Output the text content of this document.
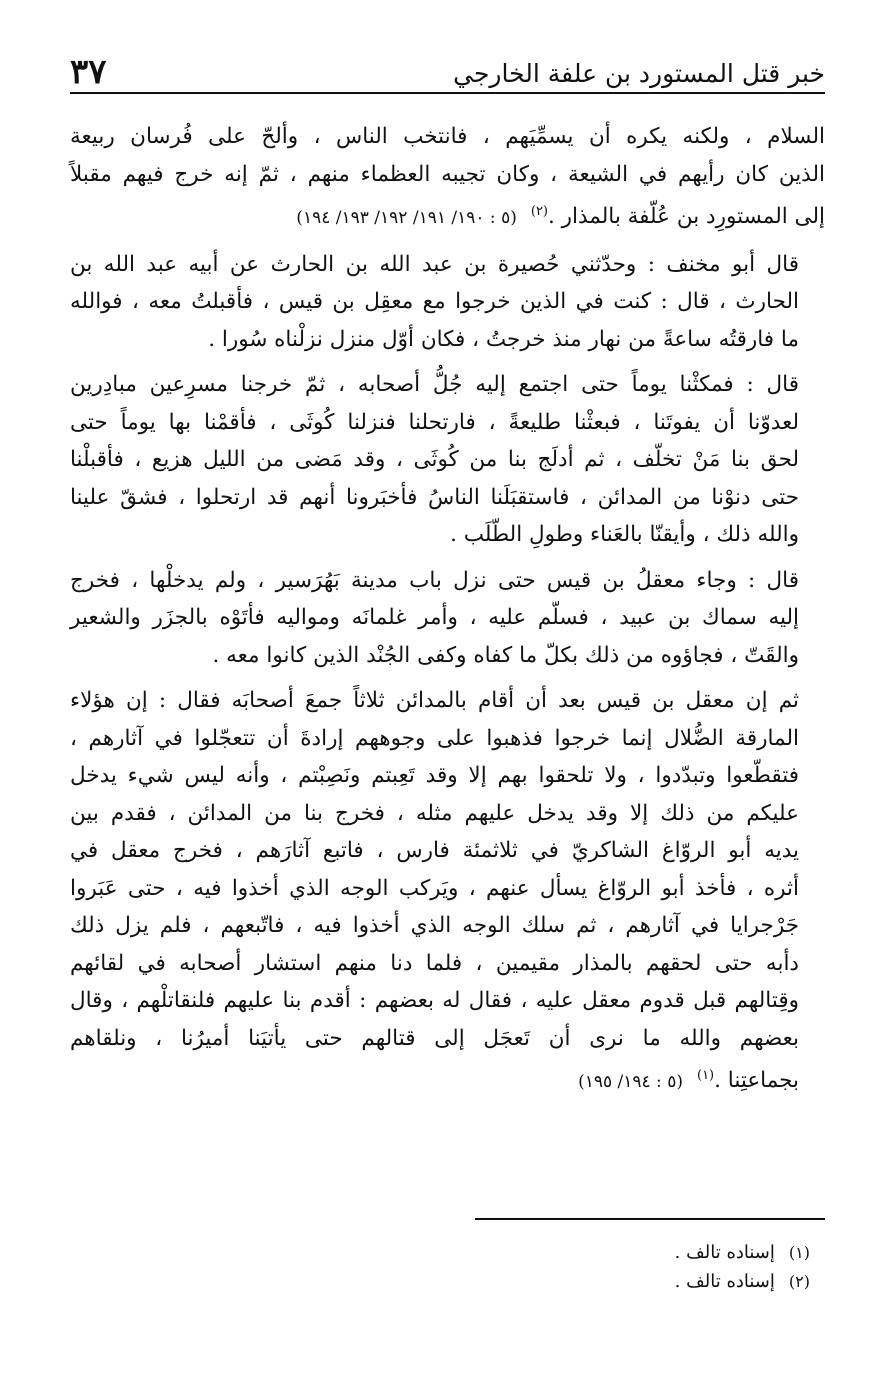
خبر قتل المستورد بن علفة الخارجي
٣٧

السلام ، ولكنه يكره أن يسمِّيَهم ، فانتخب الناس ، وألحّ على فُرسان ربيعة
الذين كان رأيهم في الشيعة ، وكان تجيبه العظماء منهم ، ثمّ إنه خرج فيهم مقبلاً
إلى المستورِد بن عُلّفة بالمذار .$^{(٢)}$(٥ : ١٩٠/ ١٩١/ ١٩٢/ ١٩٣/ ١٩٤)

قال أبو مخنف : وحدّثني حُصيرة بن عبد الله بن الحارث عن أبيه عبد الله بن
الحارث ، قال : كنت في الذين خرجوا مع معقِل بن قيس ، فأقبلتُ معه ، فوالله
ما فارقتُه ساعةً من نهار منذ خرجتُ ، فكان أوّل منزل نزلْناه سُورا .

قال : فمكثْنا يوماً حتى اجتمع إليه جُلُّ أصحابه ، ثمّ خرجنا مسرِعين مبادِرين
لعدوّنا أن يفوتَنا ، فبعثْنا طليعةً ، فارتحلنا فنزلنا كُوثَى ، فأقمْنا بها يوماً حتى
لحق بنا مَنْ تخلّف ، ثم أدلَج بنا من كُوثَى ، وقد مَضى من الليل هزيع ، فأقبلْنا
حتى دنوْنا من المدائن ، فاستقبَلَنا الناسُ فأخبَرونا أنهم قد ارتحلوا ، فشقّ علينا
والله ذلك ، وأيقنّا بالعَناء وطولِ الطّلَب .

قال : وجاء معقلُ بن قيس حتى نزل باب مدينة بَهُرَسير ، ولم يدخلْها ، فخرج
إليه سماك بن عبيد ، فسلّم عليه ، وأمر غلمانَه ومواليه فأتَوْه بالجزَر والشعير
والقَتّ ، فجاؤوه من ذلك بكلّ ما كفاه وكفى الجُنْد الذين كانوا معه .

ثم إن معقل بن قيس بعد أن أقام بالمدائن ثلاثاً جمعَ أصحابَه فقال : إن هؤلاء
المارقة الضُّلال إنما خرجوا فذهبوا على وجوههم إرادةَ أن تتعجّلوا في آثارهم ،
فتقطّعوا وتبدّدوا ، ولا تلحقوا بهم إلا وقد تَعِبتم ونَصِبْتم ، وأنه ليس شيء يدخل
عليكم من ذلك إلا وقد يدخل عليهم مثله ، فخرج بنا من المدائن ، فقدم بين
يديه أبو الروّاغ الشاكريّ في ثلاثمئة فارس ، فاتبع آثارَهم ، فخرج معقل في
أثره ، فأخذ أبو الروّاغ يسأل عنهم ، ويَركب الوجه الذي أخذوا فيه ، حتى عَبَروا
جَرْجرايا في آثارهم ، ثم سلك الوجه الذي أخذوا فيه ، فاتّبعهم ، فلم يزل ذلك
دأبه حتى لحقهم بالمذار مقيمين ، فلما دنا منهم استشار أصحابه في لقائهم
وقِتالهم قبل قدوم معقل عليه ، فقال له بعضهم : أقدم بنا عليهم فلنقاتلْهم ، وقال
بعضهم والله ما نرى أن تَعجَل إلى قتالهم حتى يأتيَنا أميرُنا ، ونلقاهم
بجماعتِنا .$^{(١)}$(٥ : ١٩٤/ ١٩٥)

(١)
إسناده تالف .
(٢)
إسناده تالف .
